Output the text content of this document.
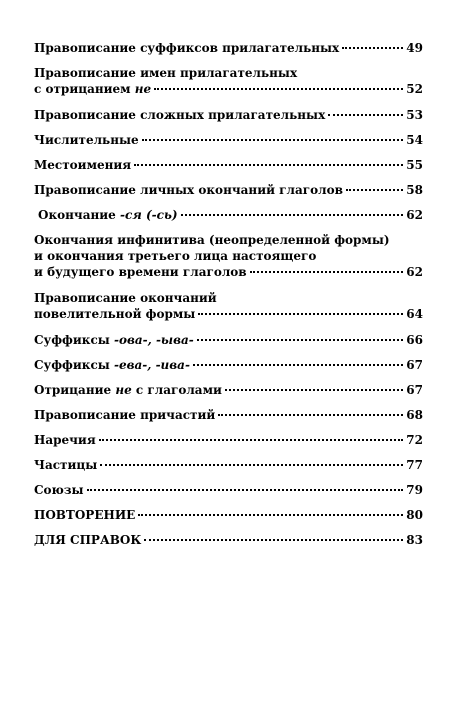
Правописание суффиксов прилагательных	49
Правописание имен прилагательных
с отрицанием не	52
Правописание сложных прилагательных	53
Числительные	54
Местоимения	55
Правописание личных окончаний глаголов	58
Окончание -ся (-сь)	62
Окончания инфинитива (неопределенной формы)
и окончания третьего лица настоящего
и будущего времени глаголов	62
Правописание окончаний
повелительной формы	64
Суффиксы -ова-, -ыва-	66
Суффиксы -ева-, -ива-	67
Отрицание не с глаголами	67
Правописание причастий	68
Наречия	72
Частицы	77
Союзы	79
ПОВТОРЕНИЕ	80
ДЛЯ СПРАВОК	83
